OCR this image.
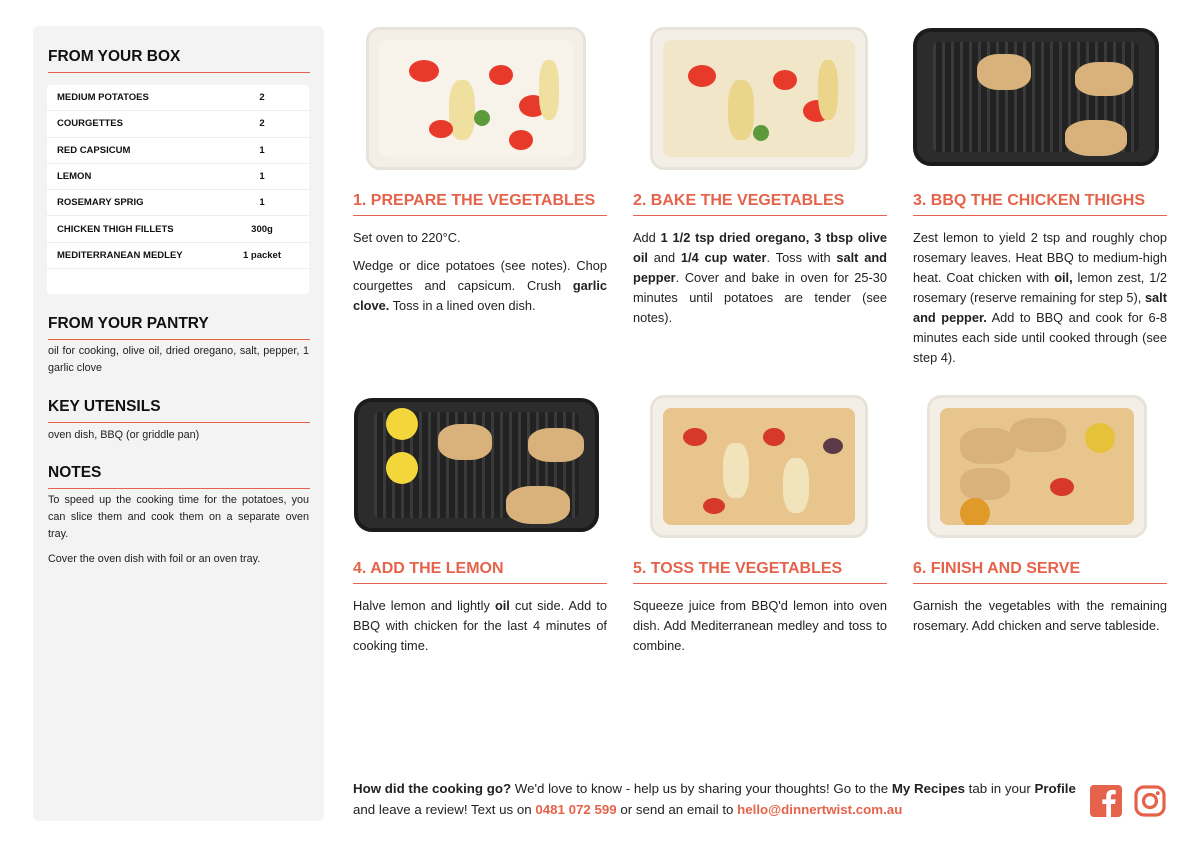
FROM YOUR BOX
MEDIUM POTATOES	2
COURGETTES	2
RED CAPSICUM	1
LEMON	1
ROSEMARY SPRIG	1
CHICKEN THIGH FILLETS	300g
MEDITERRANEAN MEDLEY	1 packet
FROM YOUR PANTRY
oil for cooking, olive oil, dried oregano, salt, pepper, 1 garlic clove
KEY UTENSILS
oven dish, BBQ (or griddle pan)
NOTES

To speed up the cooking time for the potatoes, you can slice them and cook them on a separate oven tray.

Cover the oven dish with foil or an oven tray.

1. PREPARE THE VEGETABLES

Set oven to 220°C.

Wedge or dice potatoes (see notes). Chop courgettes and capsicum. Crush garlic clove. Toss in a lined oven dish.

2. BAKE THE VEGETABLES

Add 1 1/2 tsp dried oregano, 3 tbsp olive oil and 1/4 cup water. Toss with salt and pepper. Cover and bake in oven for 25-30 minutes until potatoes are tender (see notes).

3. BBQ THE CHICKEN THIGHS

Zest lemon to yield 2 tsp and roughly chop rosemary leaves. Heat BBQ to medium-high heat. Coat chicken with oil, lemon zest, 1/2 rosemary (reserve remaining for step 5), salt and pepper. Add to BBQ and cook for 6-8 minutes each side until cooked through (see step 4).

4. ADD THE LEMON

Halve lemon and lightly oil cut side. Add to BBQ with chicken for the last 4 minutes of cooking time.

5. TOSS THE VEGETABLES
Squeeze juice from BBQ'd lemon into oven dish. Add Mediterranean medley and toss to combine.
6. FINISH AND SERVE
Garnish the vegetables with the remaining rosemary. Add chicken and serve tableside.
How did the cooking go? We'd love to know - help us by sharing your thoughts! Go to the My Recipes tab in your Profile and leave a review! Text us on 0481 072 599 or send an email to hello@dinnertwist.com.au
